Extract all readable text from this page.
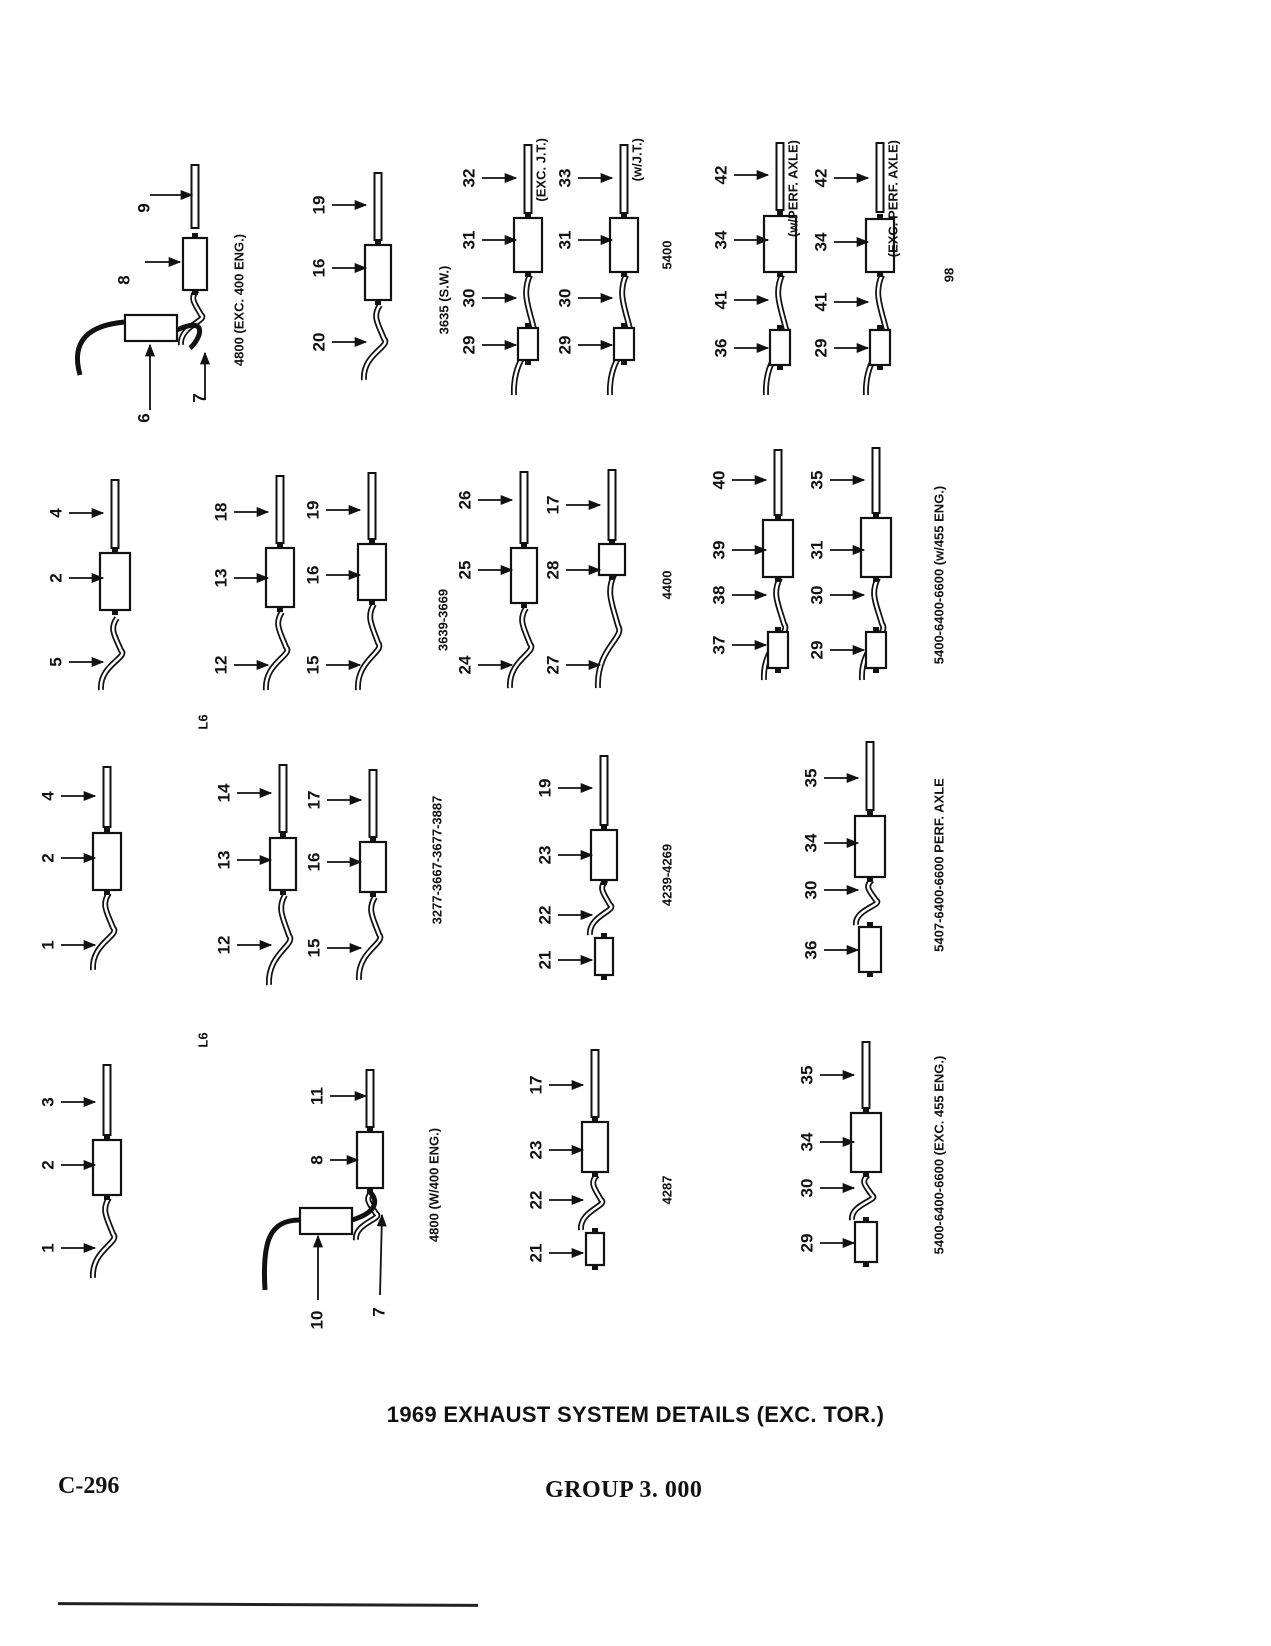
6
7
8
9
20
16
19
29
30
31
32
29
30
31
33
36
41
34
42
29
41
34
42
5
2
4
12
13
18
15
16
19
24
25
26
27
28
17
37
38
39
40
29
30
31
35
1
2
4
12
13
14
15
16
17
21
22
23
19
36
30
34
35
1
2
3
10	7
8
11
21
22
23
17
29
30
34
35
4800 (EXC. 400 ENG.)	3635 (S.W.)
(EXC. J.T.)	(w/J.T.)
5400
(w/PERF. AXLE)	(EXC. PERF. AXLE)
98
L6
3639-3669
4400	5400-6400-6600 (w/455 ENG.)
L6
3277-3667-3677-3887	4239-4269	5407-6400-6600 PERF. AXLE
4800 (W/400 ENG.)	4287	5400-6400-6600 (EXC. 455 ENG.)
1969 EXHAUST SYSTEM DETAILS (EXC. TOR.)
C-296	GROUP 3. 000
